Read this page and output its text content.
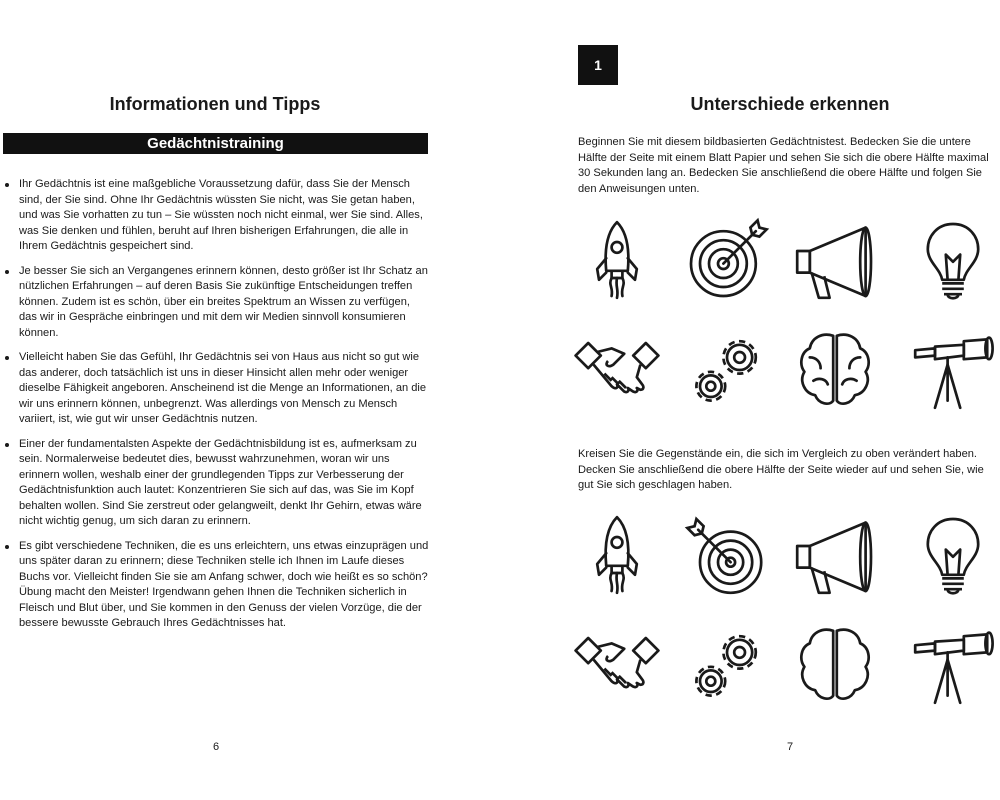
Informationen und Tipps
Gedächtnistraining
Ihr Gedächtnis ist eine maßgebliche Voraussetzung dafür, dass Sie der Mensch sind, der Sie sind. Ohne Ihr Gedächtnis wüssten Sie nicht, was Sie getan haben, und was Sie vorhatten zu tun – Sie wüssten noch nicht einmal, wer Sie sind. Alles, was Sie denken und fühlen, beruht auf Ihren bisherigen Erfahrungen, die alle in Ihrem Gedächtnis gespeichert sind.
Je besser Sie sich an Vergangenes erinnern können, desto größer ist Ihr Schatz an nützlichen Erfahrungen – auf deren Basis Sie zukünftige Entscheidungen treffen können. Zudem ist es schön, über ein breites Spektrum an Wissen zu verfügen, das wir in Gespräche einbringen und mit dem wir Medien sinnvoll konsumieren können.
Vielleicht haben Sie das Gefühl, Ihr Gedächtnis sei von Haus aus nicht so gut wie das anderer, doch tatsächlich ist uns in dieser Hinsicht allen mehr oder weniger dieselbe Fähigkeit angeboren. Anscheinend ist die Menge an Informationen, an die wir uns erinnern können, unbegrenzt. Was allerdings von Mensch zu Mensch variiert, ist, wie gut wir unser Gedächtnis nutzen.
Einer der fundamentalsten Aspekte der Gedächtnisbildung ist es, aufmerksam zu sein. Normalerweise bedeutet dies, bewusst wahrzunehmen, woran wir uns erinnern wollen, weshalb einer der grundlegenden Tipps zur Verbesserung der Gedächtnisfunktion auch lautet: Konzentrieren Sie sich auf das, was Sie im Kopf behalten wollen. Sind Sie zerstreut oder gelangweilt, denkt Ihr Gehirn, etwas wäre nicht wichtig genug, um sich daran zu erinnern.
Es gibt verschiedene Techniken, die es uns erleichtern, uns etwas einzuprägen und uns später daran zu erinnern; diese Techniken stelle ich Ihnen im Laufe dieses Buchs vor. Vielleicht finden Sie sie am Anfang schwer, doch wie heißt es so schön? Übung macht den Meister! Irgendwann gehen Ihnen die Techniken sicherlich in Fleisch und Blut über, und Sie kommen in den Genuss der vielen Vorzüge, die der bessere bewusste Gebrauch Ihres Gedächtnisses hat.
6
1
Unterschiede erkennen

Beginnen Sie mit diesem bildbasierten Gedächtnistest. Bedecken Sie die untere Hälfte der Seite mit einem Blatt Papier und sehen Sie sich die obere Hälfte maximal 30 Sekunden lang an. Bedecken Sie anschließend die obere Hälfte und folgen Sie den Anweisungen unten.

Kreisen Sie die Gegenstände ein, die sich im Vergleich zu oben verändert haben. Decken Sie anschließend die obere Hälfte der Seite wieder auf und sehen Sie, wie gut Sie sich geschlagen haben.

7
